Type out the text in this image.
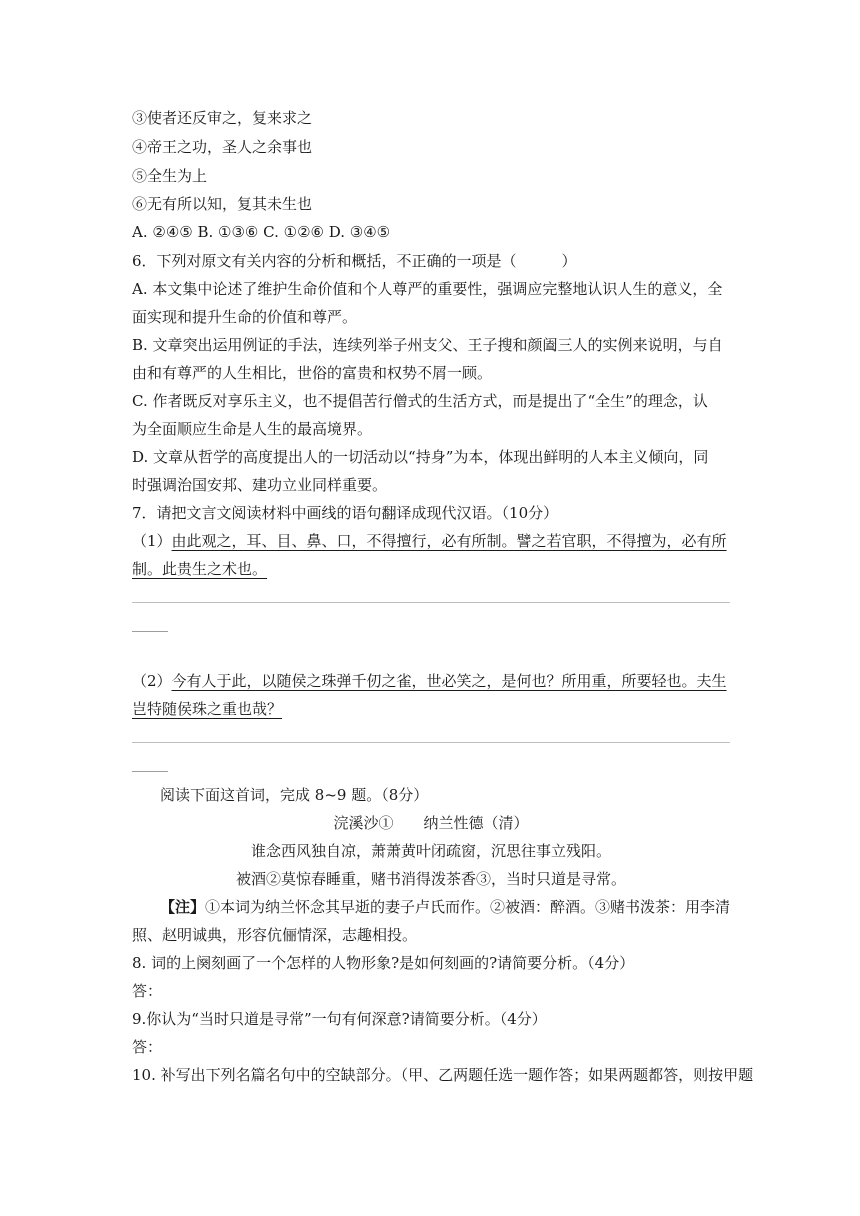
③使者还反审之，复来求之
④帝王之功，圣人之余事也
⑤全生为上
⑥无有所以知，复其未生也
A. ②④⑤ B. ①③⑥ C. ①②⑥ D. ③④⑤
6．下列对原文有关内容的分析和概括，不正确的一项是（　　　）
A. 本文集中论述了维护生命价值和个人尊严的重要性，强调应完整地认识人生的意义，全
面实现和提升生命的价值和尊严。
B. 文章突出运用例证的手法，连续列举子州支父、王子搜和颜阖三人的实例来说明，与自
由和有尊严的人生相比，世俗的富贵和权势不屑一顾。
C. 作者既反对享乐主义，也不提倡苦行僧式的生活方式，而是提出了“全生”的理念，认
为全面顺应生命是人生的最高境界。
D. 文章从哲学的高度提出人的一切活动以“持身”为本，体现出鲜明的人本主义倾向，同
时强调治国安邦、建功立业同样重要。
7．请把文言文阅读材料中画线的语句翻译成现代汉语。（10分）
（1）由此观之，耳、目、鼻、口，不得擅行，必有所制。譬之若官职，不得擅为，必有所
制。此贵生之术也。
（2）今有人于此，以随侯之珠弹千仞之雀，世必笑之，是何也？所用重，所要轻也。夫生
岂特随侯珠之重也哉？
阅读下面这首词，完成 8~9 题。（8分）
浣溪沙①　　纳兰性德（清）
谁念西风独自凉，萧萧黄叶闭疏窗，沉思往事立残阳。
被酒②莫惊春睡重，赌书消得泼茶香③，当时只道是寻常。
【注】①本词为纳兰怀念其早逝的妻子卢氏而作。②被酒：醉酒。③赌书泼茶：用李清
照、赵明诚典，形容伉俪情深，志趣相投。
8. 词的上阕刻画了一个怎样的人物形象?是如何刻画的?请简要分析。（4分）
答：
9.你认为“当时只道是寻常”一句有何深意?请简要分析。（4分）
答：
10. 补写出下列名篇名句中的空缺部分。（甲、乙两题任选一题作答；如果两题都答，则按甲题
